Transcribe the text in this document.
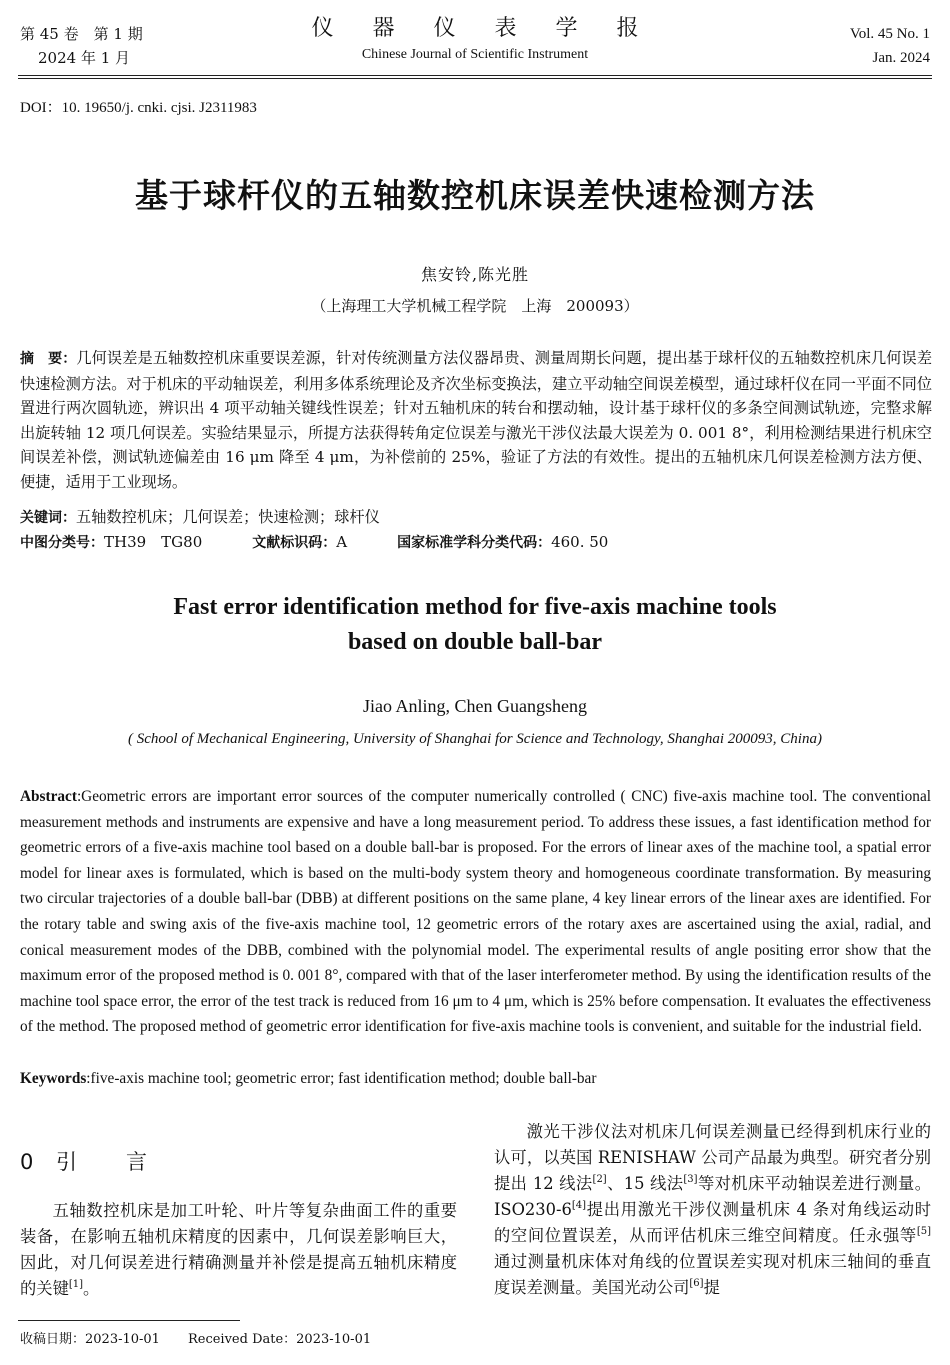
第 45 卷　第 1 期
2024 年 1 月
仪 器 仪 表 学 报
Chinese Journal of Scientific Instrument
Vol. 45 No. 1
Jan. 2024
DOI：10. 19650/j. cnki. cjsi. J2311983
基于球杆仪的五轴数控机床误差快速检测方法
焦安铃,陈光胜
（上海理工大学机械工程学院　上海　200093）
摘　要：几何误差是五轴数控机床重要误差源，针对传统测量方法仪器昂贵、测量周期长问题，提出基于球杆仪的五轴数控机床几何误差快速检测方法。对于机床的平动轴误差，利用多体系统理论及齐次坐标变换法，建立平动轴空间误差模型，通过球杆仪在同一平面不同位置进行两次圆轨迹，辨识出 4 项平动轴关键线性误差；针对五轴机床的转台和摆动轴，设计基于球杆仪的多条空间测试轨迹，完整求解出旋转轴 12 项几何误差。实验结果显示，所提方法获得转角定位误差与激光干涉仪法最大误差为 0. 001 8°，利用检测结果进行机床空间误差补偿，测试轨迹偏差由 16 μm 降至 4 μm，为补偿前的 25%，验证了方法的有效性。提出的五轴机床几何误差检测方法方便、便捷，适用于工业现场。
关键词：五轴数控机床；几何误差；快速检测；球杆仪
中图分类号：TH39　TG80	文献标识码：A	国家标准学科分类代码：460. 50
Fast error identification method for five-axis machine tools
based on double ball-bar
Jiao Anling, Chen Guangsheng
( School of Mechanical Engineering, University of Shanghai for Science and Technology, Shanghai 200093, China)
Abstract:Geometric errors are important error sources of the computer numerically controlled ( CNC) five-axis machine tool. The conventional measurement methods and instruments are expensive and have a long measurement period. To address these issues, a fast identification method for geometric errors of a five-axis machine tool based on a double ball-bar is proposed. For the errors of linear axes of the machine tool, a spatial error model for linear axes is formulated, which is based on the multi-body system theory and homogeneous coordinate transformation. By measuring two circular trajectories of a double ball-bar (DBB) at different positions on the same plane, 4 key linear errors of the linear axes are identified. For the rotary table and swing axis of the five-axis machine tool, 12 geometric errors of the rotary axes are ascertained using the axial, radial, and conical measurement modes of the DBB, combined with the polynomial model. The experimental results of angle positing error show that the maximum error of the proposed method is 0. 001 8°, compared with that of the laser interferometer method. By using the identification results of the machine tool space error, the error of the test track is reduced from 16 μm to 4 μm, which is 25% before compensation. It evaluates the effectiveness of the method. The proposed method of geometric error identification for five-axis machine tools is convenient, and suitable for the industrial field.
Keywords:five-axis machine tool; geometric error; fast identification method; double ball-bar
0 引 言
五轴数控机床是加工叶轮、叶片等复杂曲面工件的重要装备，在影响五轴机床精度的因素中，几何误差影响巨大，因此，对几何误差进行精确测量并补偿是提高五轴机床精度的关键[1]。
激光干涉仪法对机床几何误差测量已经得到机床行业的认可，以英国 RENISHAW 公司产品最为典型。研究者分别提出 12 线法[2]、15 线法[3]等对机床平动轴误差进行测量。ISO230-6[4]提出用激光干涉仪测量机床 4 条对角线运动时的空间位置误差，从而评估机床三维空间精度。任永强等[5]通过测量机床体对角线的位置误差实现对机床三轴间的垂直度误差测量。美国光动公司[6]提
收稿日期：2023-10-01 Received Date：2023-10-01
